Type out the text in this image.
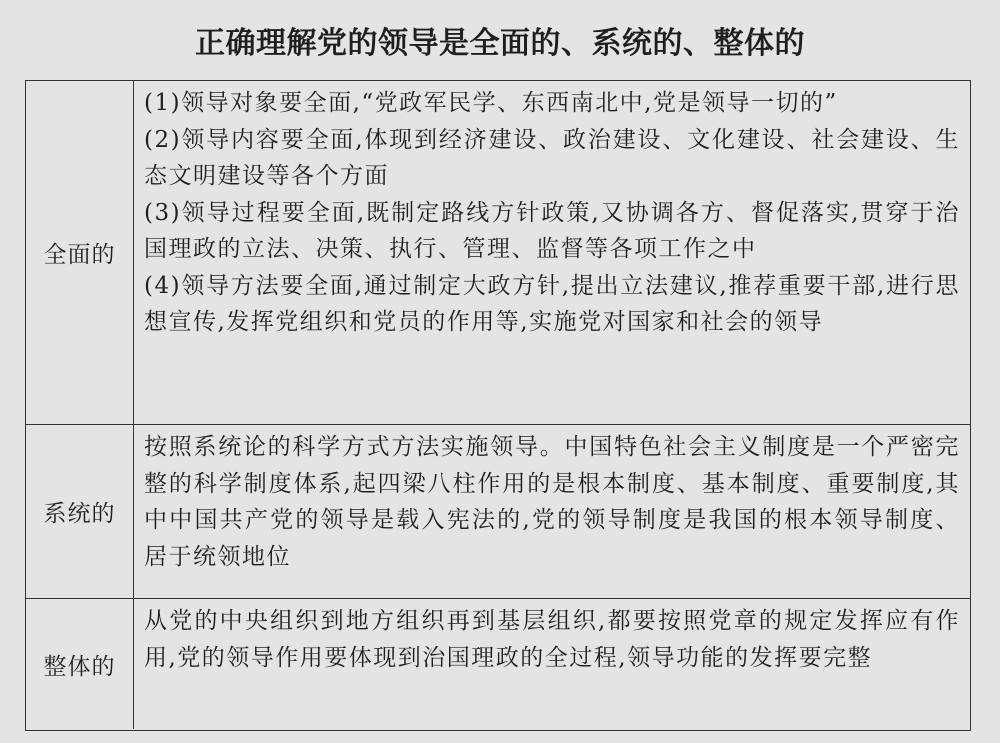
正确理解党的领导是全面的、系统的、整体的
全面的

(1)领导对象要全面,“党政军民学、东西南北中,党是领导一切的”

(2)领导内容要全面,体现到经济建设、政治建设、文化建设、社会建设、生态文明建设等各个方面

(3)领导过程要全面,既制定路线方针政策,又协调各方、督促落实,贯穿于治国理政的立法、决策、执行、管理、监督等各项工作之中

(4)领导方法要全面,通过制定大政方针,提出立法建议,推荐重要干部,进行思想宣传,发挥党组织和党员的作用等,实施党对国家和社会的领导

系统的

按照系统论的科学方式方法实施领导。中国特色社会主义制度是一个严密完整的科学制度体系,起四梁八柱作用的是根本制度、基本制度、重要制度,其中中国共产党的领导是载入宪法的,党的领导制度是我国的根本领导制度、居于统领地位

整体的

从党的中央组织到地方组织再到基层组织,都要按照党章的规定发挥应有作用,党的领导作用要体现到治国理政的全过程,领导功能的发挥要完整
